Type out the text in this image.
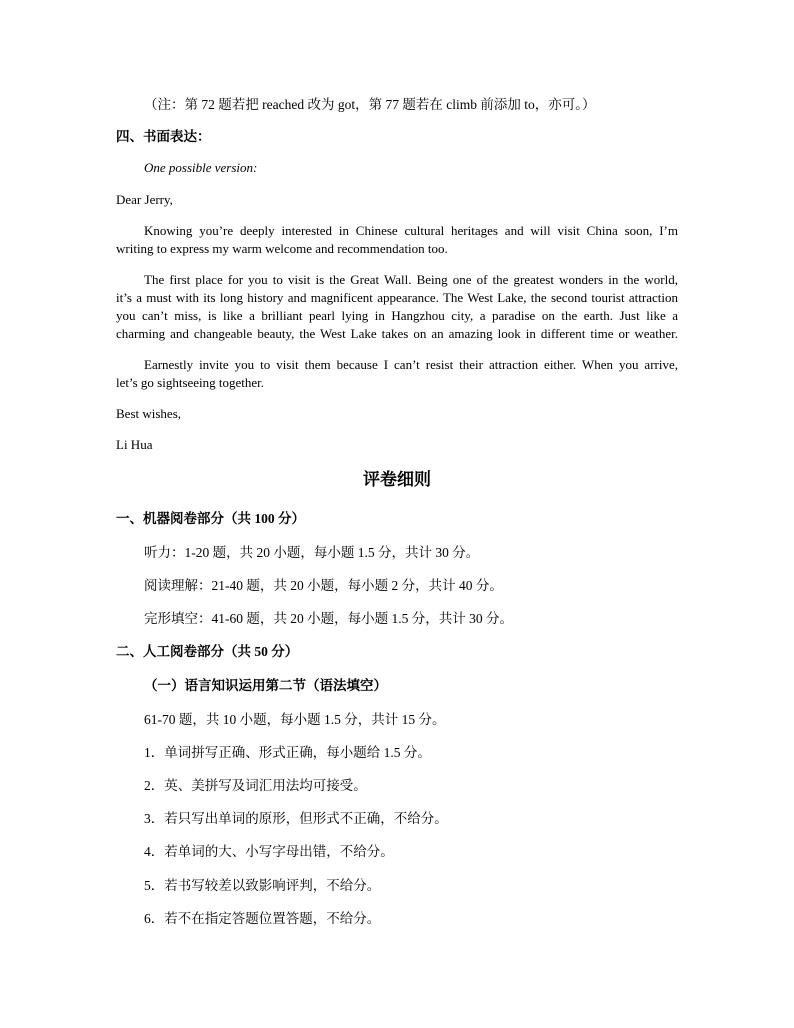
（注：第 72 题若把 reached 改为 got，第 77 题若在 climb 前添加 to，亦可。）
四、书面表达：
One possible version:
Dear Jerry,
Knowing you’re deeply interested in Chinese cultural heritages and will visit China soon, I’m
writing to express my warm welcome and recommendation too.
The first place for you to visit is the Great Wall. Being one of the greatest wonders in the world,
it’s a must with its long history and magnificent appearance. The West Lake, the second tourist attraction
you can’t miss, is like a brilliant pearl lying in Hangzhou city, a paradise on the earth. Just like a
charming and changeable beauty, the West Lake takes on an amazing look in different time or weather.
Earnestly invite you to visit them because I can’t resist their attraction either. When you arrive,
let’s go sightseeing together.
Best wishes,
Li Hua
评卷细则
一、机器阅卷部分（共 100 分）
听力：1-20 题，共 20 小题，每小题 1.5 分，共计 30 分。
阅读理解：21-40 题，共 20 小题，每小题 2 分，共计 40 分。
完形填空：41-60 题，共 20 小题，每小题 1.5 分，共计 30 分。
二、人工阅卷部分（共 50 分）
（一）语言知识运用第二节（语法填空）
61-70 题，共 10 小题，每小题 1.5 分，共计 15 分。
1．单词拼写正确、形式正确，每小题给 1.5 分。
2．英、美拼写及词汇用法均可接受。
3．若只写出单词的原形，但形式不正确，不给分。
4．若单词的大、小写字母出错，不给分。
5．若书写较差以致影响评判，不给分。
6．若不在指定答题位置答题，不给分。
